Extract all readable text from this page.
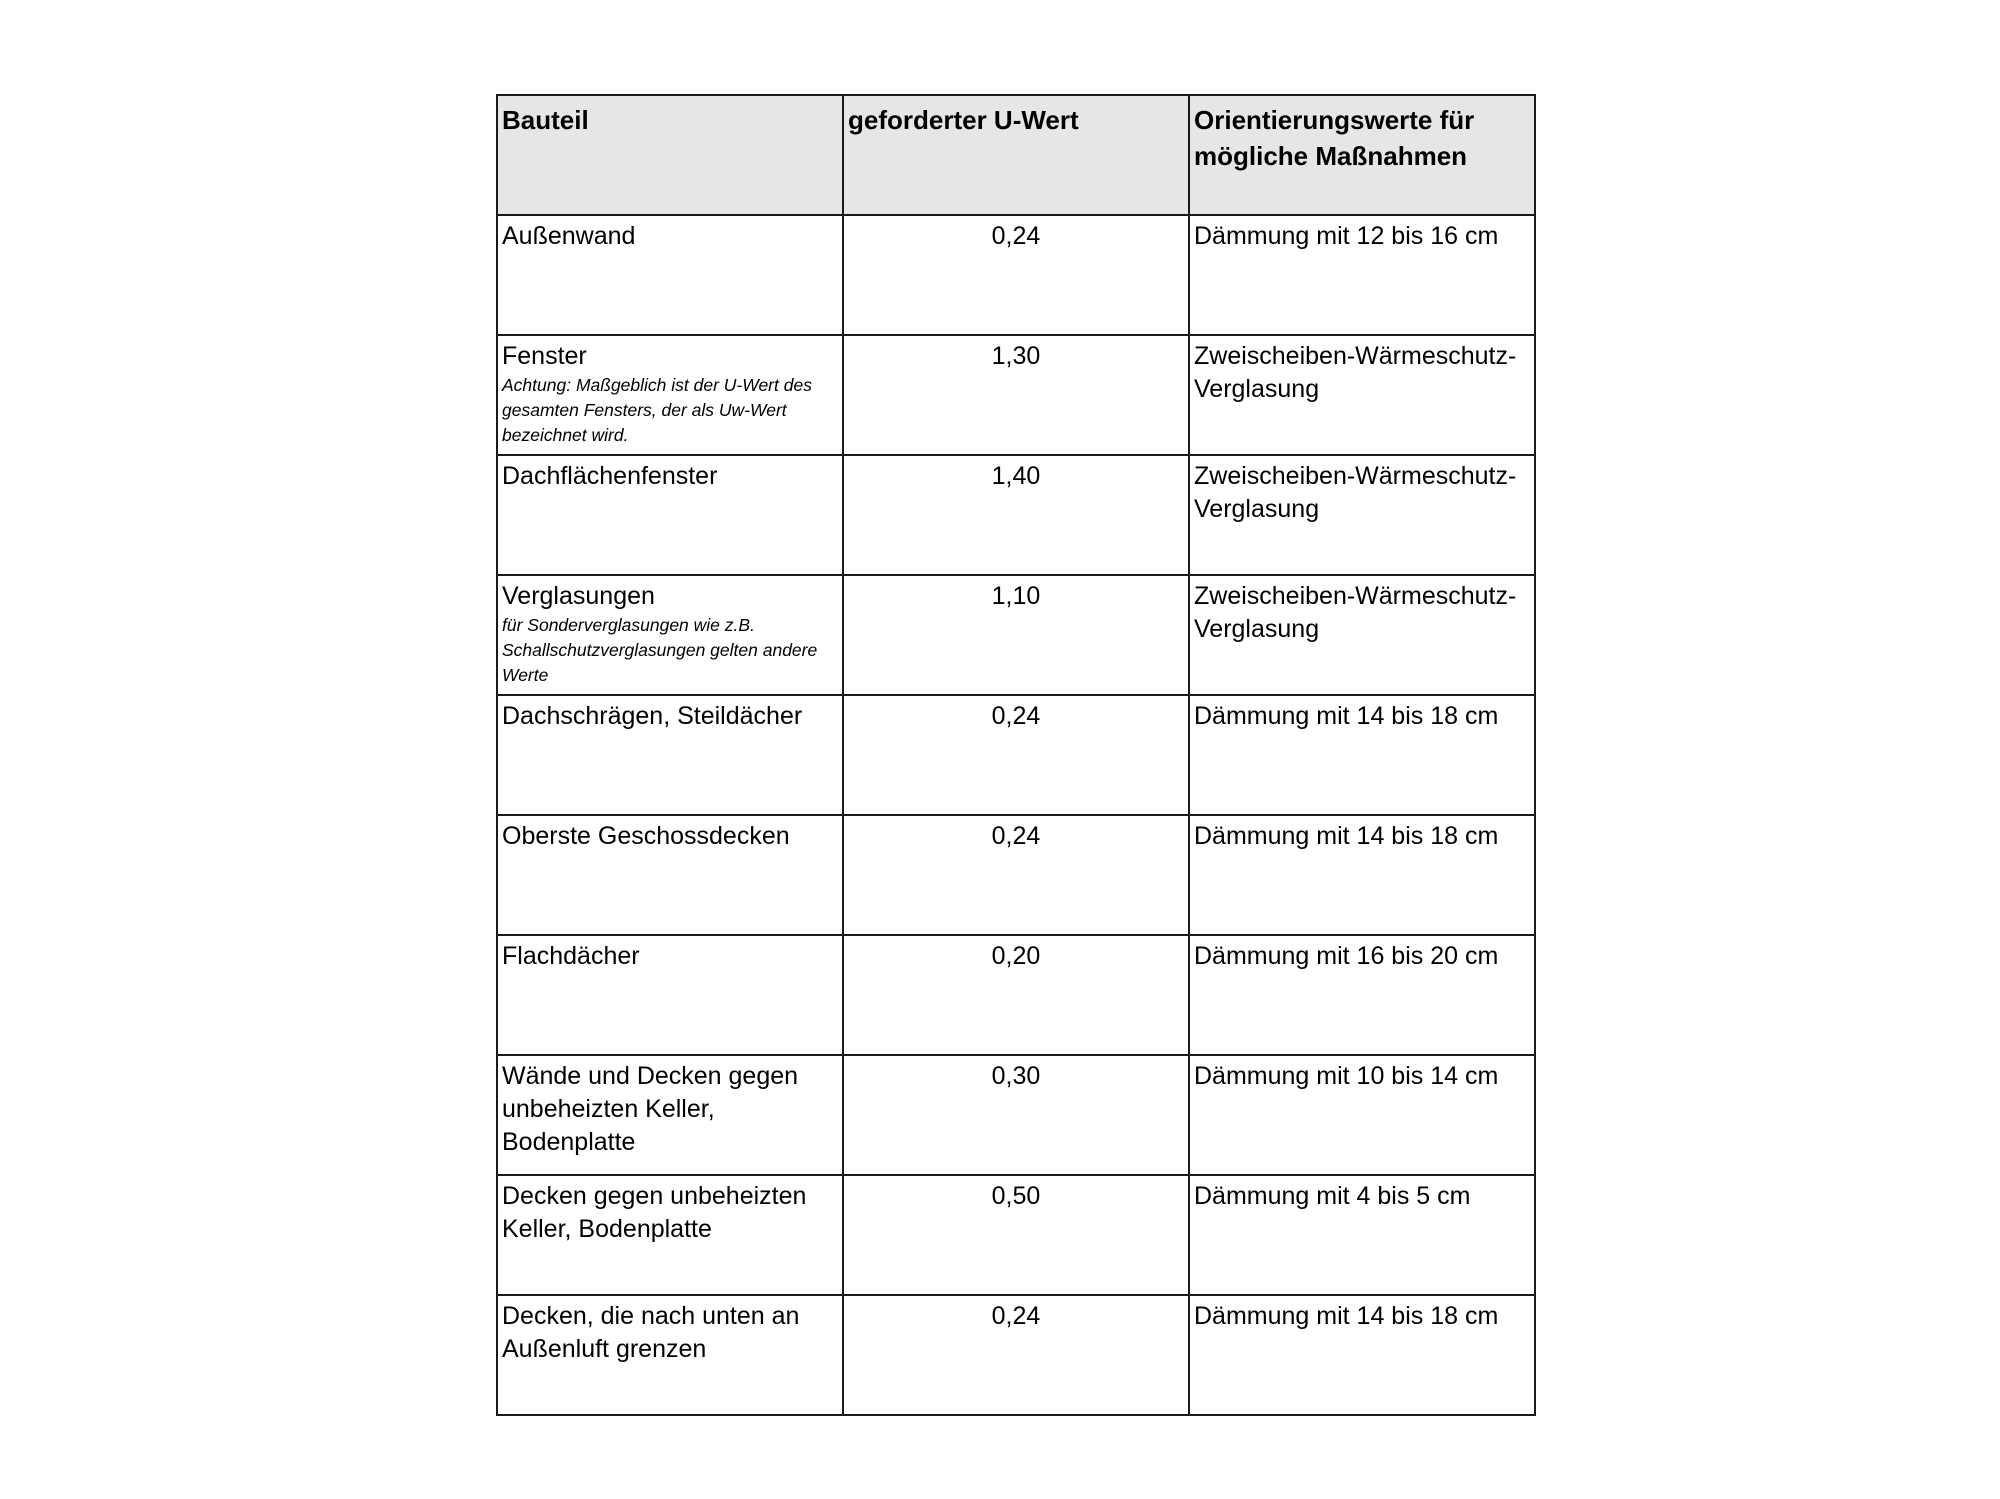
Bauteil	geforderter U-Wert	Orientierungswerte für mögliche Maßnahmen
Außenwand	0,24	Dämmung mit 12 bis 16 cm
Fenster
Achtung: Maßgeblich ist der U-Wert des gesamten Fensters, der als Uw-Wert bezeichnet wird.	1,30	Zweischeiben-Wärmeschutz-Verglasung
Dachflächenfenster	1,40	Zweischeiben-Wärmeschutz-Verglasung
Verglasungen
für Sonderverglasungen wie z.B. Schallschutzverglasungen gelten andere Werte	1,10	Zweischeiben-Wärmeschutz-Verglasung
Dachschrägen, Steildächer	0,24	Dämmung mit 14 bis 18 cm
Oberste Geschossdecken	0,24	Dämmung mit 14 bis 18 cm
Flachdächer	0,20	Dämmung mit 16 bis 20 cm
Wände und Decken gegen unbeheizten Keller, Bodenplatte	0,30	Dämmung mit 10 bis 14 cm
Decken gegen unbeheizten Keller, Bodenplatte	0,50	Dämmung mit 4 bis 5 cm
Decken, die nach unten an Außenluft grenzen	0,24	Dämmung mit 14 bis 18 cm
